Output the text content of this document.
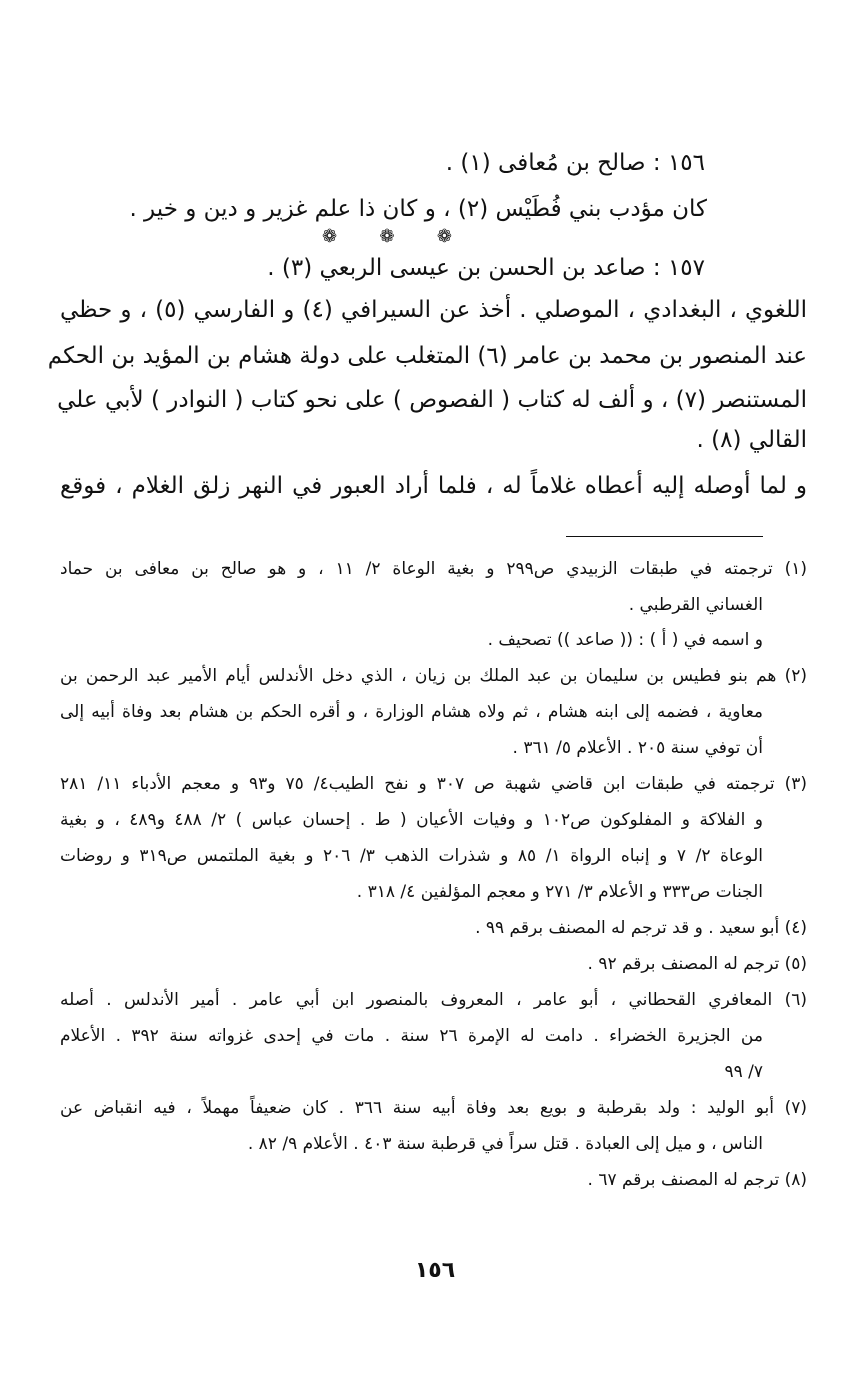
١٥٦ : صالح بن مُعافى (١) .
كان مؤدب بني فُطَيْس (٢) ، و كان ذا علم غزير و دين و خير .
❁ ❁ ❁
١٥٧ : صاعد بن الحسن بن عيسى الربعي (٣) .
اللغوي ، البغدادي ، الموصلي . أخذ عن السيرافي (٤) و الفارسي (٥) ، و حظي
عند المنصور بن محمد بن عامر (٦) المتغلب على دولة هشام بن المؤيد بن الحكم
المستنصر (٧) ، و ألف له كتاب ( الفصوص ) على نحو كتاب ( النوادر ) لأبي علي
القالي (٨) .
و لما أوصله إليه أعطاه غلاماً له ، فلما أراد العبور في النهر زلق الغلام ، فوقع
(١) ترجمته في طبقات الزبيدي ص٢٩٩ و بغية الوعاة ٢/ ١١ ، و هو صالح بن معافى بن حماد
الغساني القرطبي .
و اسمه في ( أ ) : (( صاعد )) تصحيف .
(٢) هم بنو فطيس بن سليمان بن عبد الملك بن زيان ، الذي دخل الأندلس أيام الأمير عبد الرحمن بن
معاوية ، فضمه إلى ابنه هشام ، ثم ولاه هشام الوزارة ، و أقره الحكم بن هشام بعد وفاة أبيه إلى
أن توفي سنة ٢٠٥ . الأعلام ٥/ ٣٦١ .
(٣) ترجمته في طبقات ابن قاضي شهبة ص ٣٠٧ و نفح الطيب٤/ ٧٥ و٩٣ و معجم الأدباء ١١/ ٢٨١
و الفلاكة و المفلوكون ص١٠٢ و وفيات الأعيان ( ط . إحسان عباس ) ٢/ ٤٨٨ و٤٨٩ ، و بغية
الوعاة ٢/ ٧ و إنباه الرواة ١/ ٨٥ و شذرات الذهب ٣/ ٢٠٦ و بغية الملتمس ص٣١٩ و روضات
الجنات ص٣٣٣ و الأعلام ٣/ ٢٧١ و معجم المؤلفين ٤/ ٣١٨ .
(٤) أبو سعيد . و قد ترجم له المصنف برقم ٩٩ .
(٥) ترجم له المصنف برقم ٩٢ .
(٦) المعافري القحطاني ، أبو عامر ، المعروف بالمنصور ابن أبي عامر . أمير الأندلس . أصله
من الجزيرة الخضراء . دامت له الإمرة ٢٦ سنة . مات في إحدى غزواته سنة ٣٩٢ . الأعلام
٧/ ٩٩
(٧) أبو الوليد : ولد بقرطبة و بويع بعد وفاة أبيه سنة ٣٦٦ . كان ضعيفاً مهملاً ، فيه انقباض عن
الناس ، و ميل إلى العبادة . قتل سراً في قرطبة سنة ٤٠٣ . الأعلام ٩/ ٨٢ .
(٨) ترجم له المصنف برقم ٦٧ .
١٥٦
